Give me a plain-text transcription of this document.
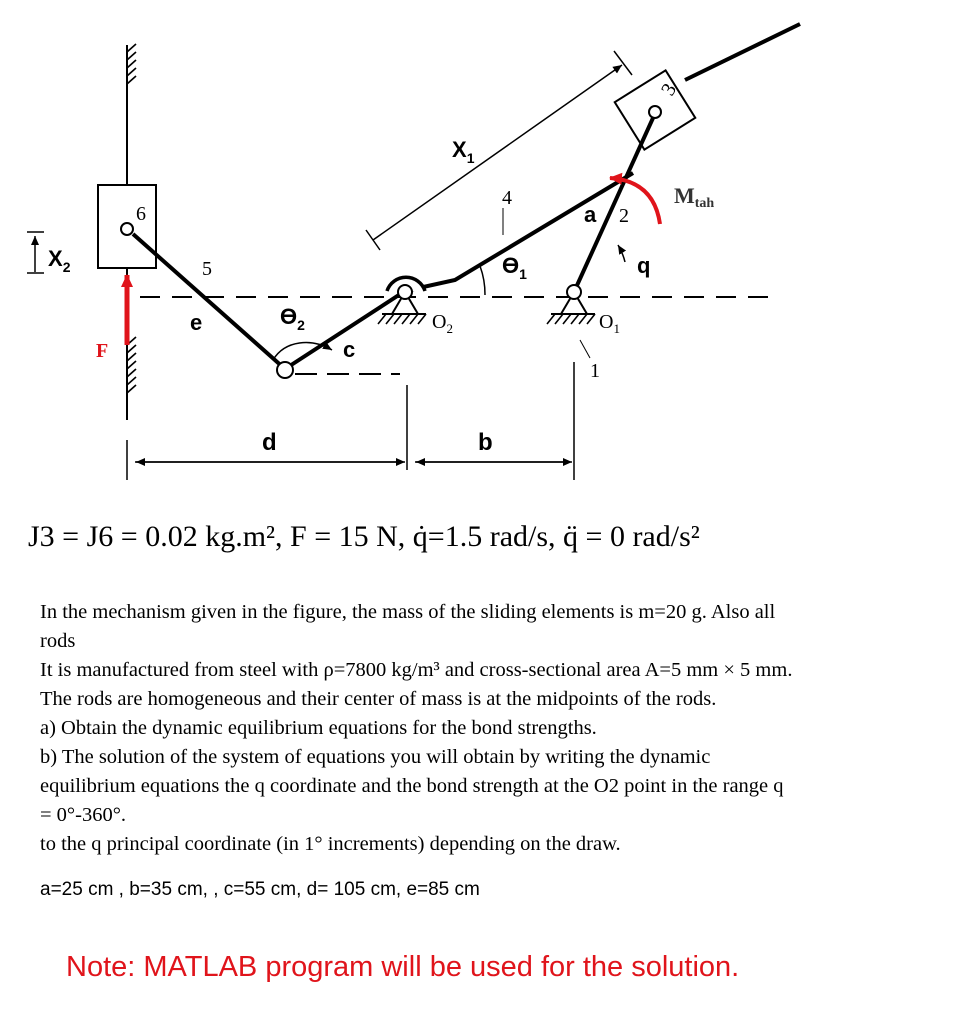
6
$X_2$	5
e
4
$X_1$
$ϴ_1$
3
2
a
Mtah
q
$O_2$	$O_1$
1
c
$ϴ_2$
F
d	b
J3 = J6 = 0.02 kg.m², F = 15 N, q̇=1.5 rad/s, q̈ = 0 rad/s²

In the mechanism given in the figure, the mass of the sliding elements is m=20 g. Also all

rods

It is manufactured from steel with ρ=7800 kg/m³ and cross-sectional area A=5 mm × 5 mm.

The rods are homogeneous and their center of mass is at the midpoints of the rods.

a) Obtain the dynamic equilibrium equations for the bond strengths.

b) The solution of the system of equations you will obtain by writing the dynamic

equilibrium equations the q coordinate and the bond strength at the O2 point in the range q

= 0°-360°.

to the q principal coordinate (in 1° increments) depending on the draw.

a=25 cm , b=35 cm, , c=55 cm, d= 105 cm, e=85 cm
Note: MATLAB program will be used for the solution.
